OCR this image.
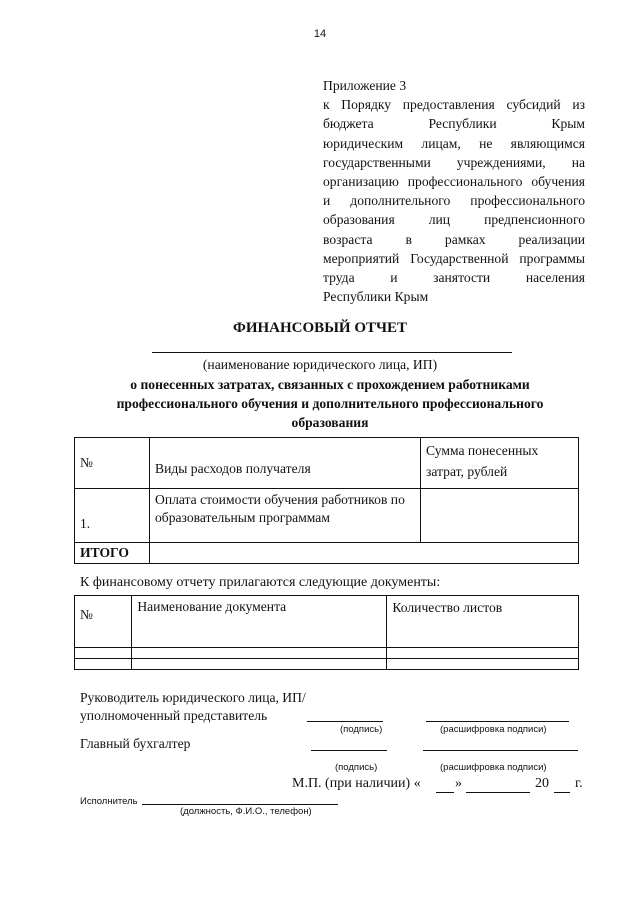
14
Приложение 3
к Порядку предоставления субсидий из
бюджета Республики Крым
юридическим лицам, не являющимся
государственными учреждениями, на
организацию профессионального обучения
и дополнительного профессионального
образования лиц предпенсионного
возраста в рамках реализации
мероприятий Государственной программы
труда и занятости населения
Республики Крым
ФИНАНСОВЫЙ ОТЧЕТ
(наименование юридического лица, ИП)
о понесенных затратах, связанных с прохождением работниками
профессионального обучения и дополнительного профессионального
образования
№	Виды расходов получателя	Сумма понесенных затрат, рублей
1.	Оплата стоимости обучения работников по образовательным программам	
ИТОГО		
К финансовому отчету прилагаются следующие документы:
№	Наименование документа	Количество листов

Руководитель юридического лица, ИП/
уполномоченный представитель
(подпись)	(расшифровка подписи)
Главный бухгалтер
(подпись)	(расшифровка подписи)
М.П. (при наличии) « »	20 г.
Исполнитель
(должность, Ф.И.О., телефон)
